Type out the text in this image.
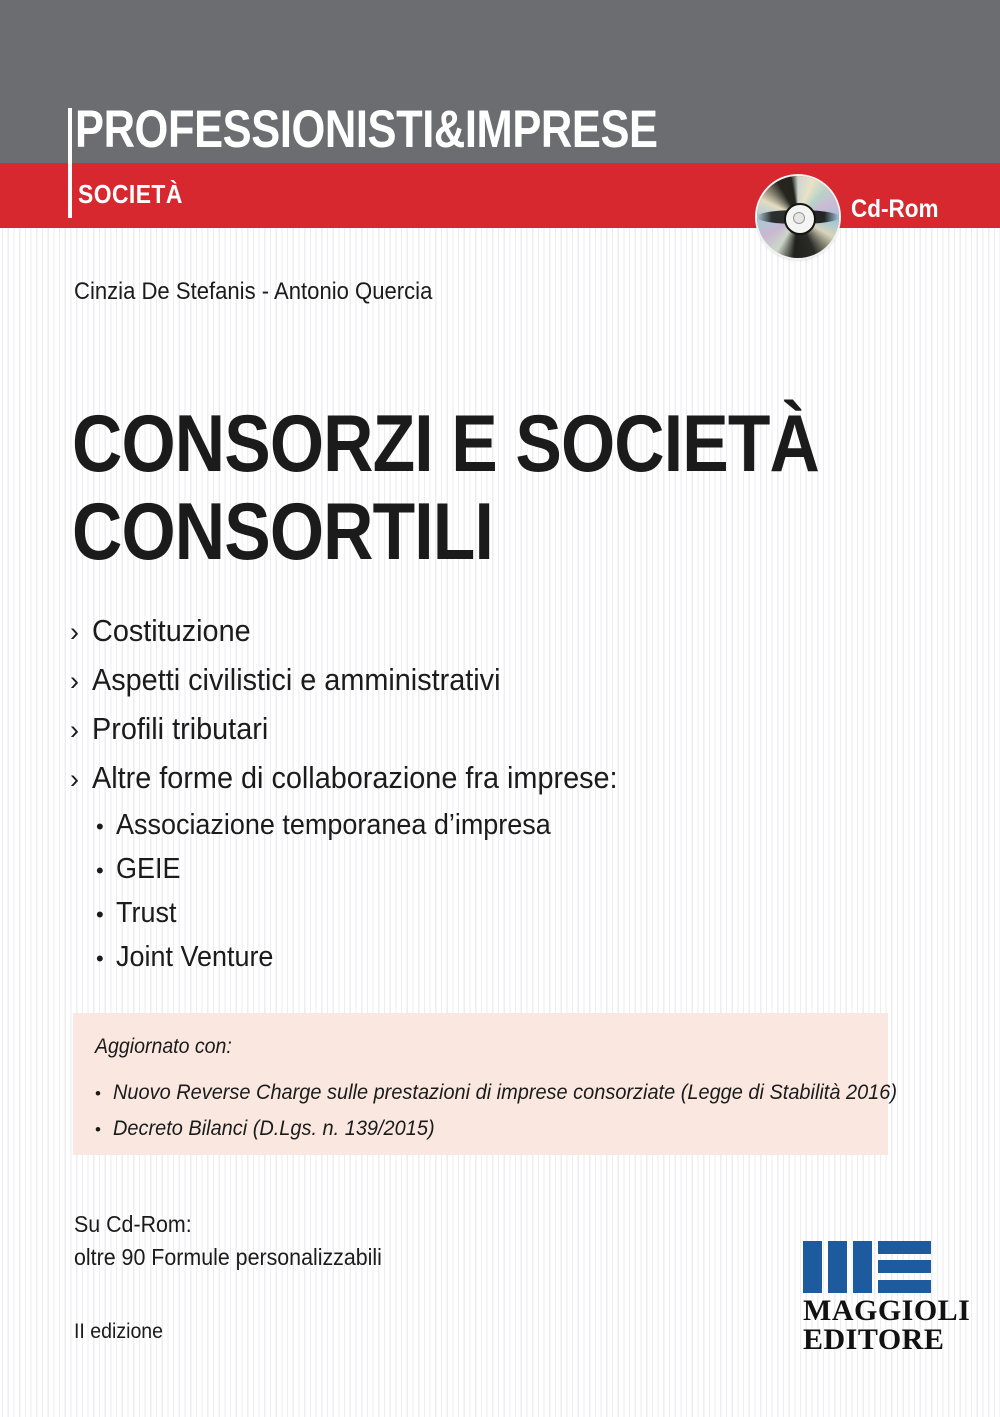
PROFESSIONISTI&IMPRESE
SOCIETÀ	Cd-Rom
Cinzia De Stefanis - Antonio Quercia
CONSORZI E SOCIETÀ
CONSORTILI
› Costituzione
› Aspetti civilistici e amministrativi
› Profili tributari
› Altre forme di collaborazione fra imprese:
• Associazione temporanea d’impresa
• GEIE
• Trust
• Joint Venture
Aggiornato con:
• Nuovo Reverse Charge sulle prestazioni di imprese consorziate (Legge di Stabilità 2016)
• Decreto Bilanci (D.Lgs. n. 139/2015)
Su Cd-Rom:
oltre 90 Formule personalizzabili
II edizione
MAGGIOLI
EDITORE
